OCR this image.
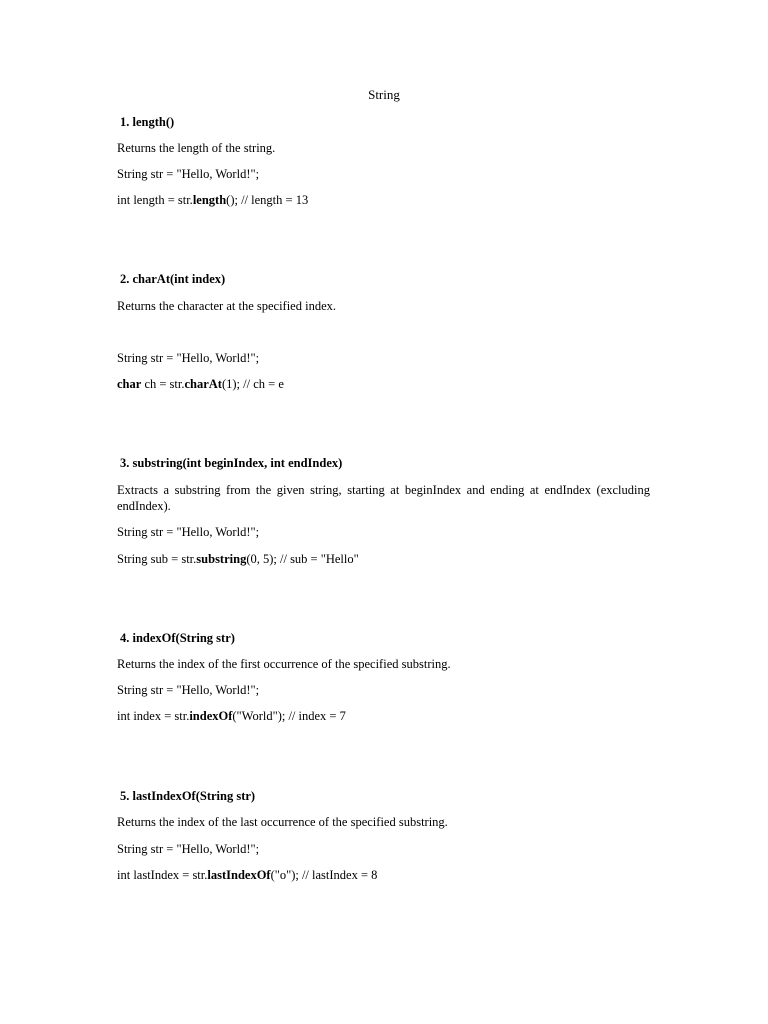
String
1. length()
Returns the length of the string.
String str = "Hello, World!";
int length = str.length(); // length = 13
2. charAt(int index)
Returns the character at the specified index.
String str = "Hello, World!";
char ch = str.charAt(1); // ch = e
3. substring(int beginIndex, int endIndex)
Extracts a substring from the given string, starting at beginIndex and ending at endIndex (excluding endIndex).
String str = "Hello, World!";
String sub = str.substring(0, 5); // sub = "Hello"
4. indexOf(String str)
Returns the index of the first occurrence of the specified substring.
String str = "Hello, World!";
int index = str.indexOf("World"); // index = 7
5. lastIndexOf(String str)
Returns the index of the last occurrence of the specified substring.
String str = "Hello, World!";
int lastIndex = str.lastIndexOf("o"); // lastIndex = 8
